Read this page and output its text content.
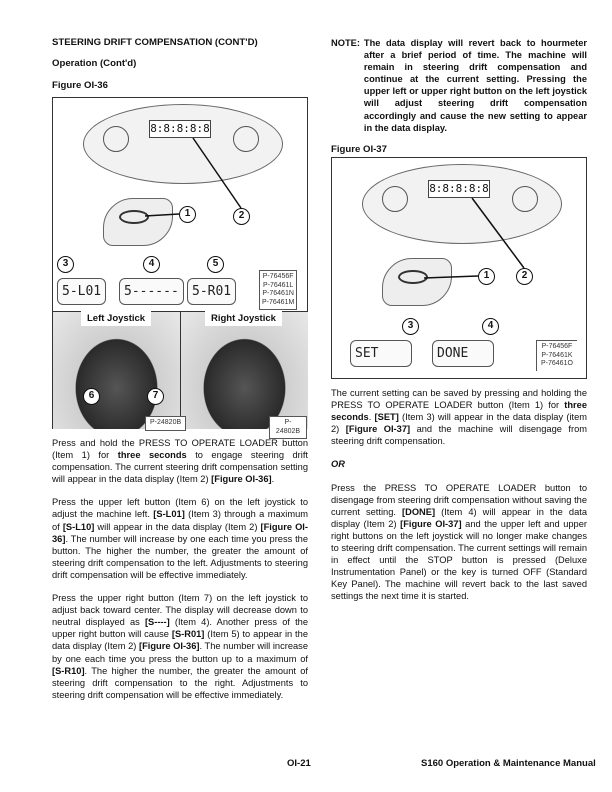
STEERING DRIFT COMPENSATION (CONT'D)
Operation (Cont'd)
Figure OI-36
8:8:8:8:8
1	2
3	4	5
5-L01	5------	5-R01
P-76456F
P-76461L
P-76461N
P-76461M
Left Joystick	Right Joystick
6	7
P-24820B	P-24802B

Press and hold the PRESS TO OPERATE LOADER button (Item 1) for three seconds to engage steering drift compensation. The current steering drift compensation setting will appear in the data display (Item 2) [Figure OI-36].

Press the upper left button (Item 6) on the left joystick to adjust the machine left. [S-L01] (Item 3) through a maximum of [S-L10] will appear in the data display (Item 2) [Figure OI-36]. The number will increase by one each time you press the button. The higher the number, the greater the amount of steering drift compensation to the left. Adjustments to steering drift compensation will be effective immediately.

Press the upper right button (Item 7) on the left joystick to adjust back toward center. The display will decrease down to neutral displayed as [S----] (Item 4). Another press of the upper right button will cause [S-R01] (Item 5) to appear in the data display (Item 2) [Figure OI-36]. The number will increase by one each time you press the button up to a maximum of [S-R10]. The higher the number, the greater the amount of steering drift compensation to the right. Adjustments to steering drift compensation will be effective immediately.

NOTE: The data display will revert back to hourmeter after a brief period of time. The machine will remain in steering drift compensation and continue at the current setting. Pressing the upper left or upper right button on the left joystick will adjust steering drift compensation accordingly and cause the new setting to appear in the data display.
Figure OI-37
8:8:8:8:8
1	2
3	4
SET	DONE	P-76456F
P-76461K
P-76461O

The current setting can be saved by pressing and holding the PRESS TO OPERATE LOADER button (Item 1) for three seconds. [SET] (Item 3) will appear in the data display (item 2) [Figure OI-37] and the machine will disengage from steering drift compensation.

OR

Press the PRESS TO OPERATE LOADER button to disengage from steering drift compensation without saving the current setting. [DONE] (Item 4) will appear in the data display (Item 2) [Figure OI-37] and the upper left and upper right buttons on the left joystick will no longer make changes to steering drift compensation. The current settings will remain in effect until the STOP button is pressed (Deluxe Instrumentation Panel) or the key is turned OFF (Standard Key Panel). The machine will revert back to the last saved settings the next time it is started.

OI-21	S160 Operation & Maintenance Manual
